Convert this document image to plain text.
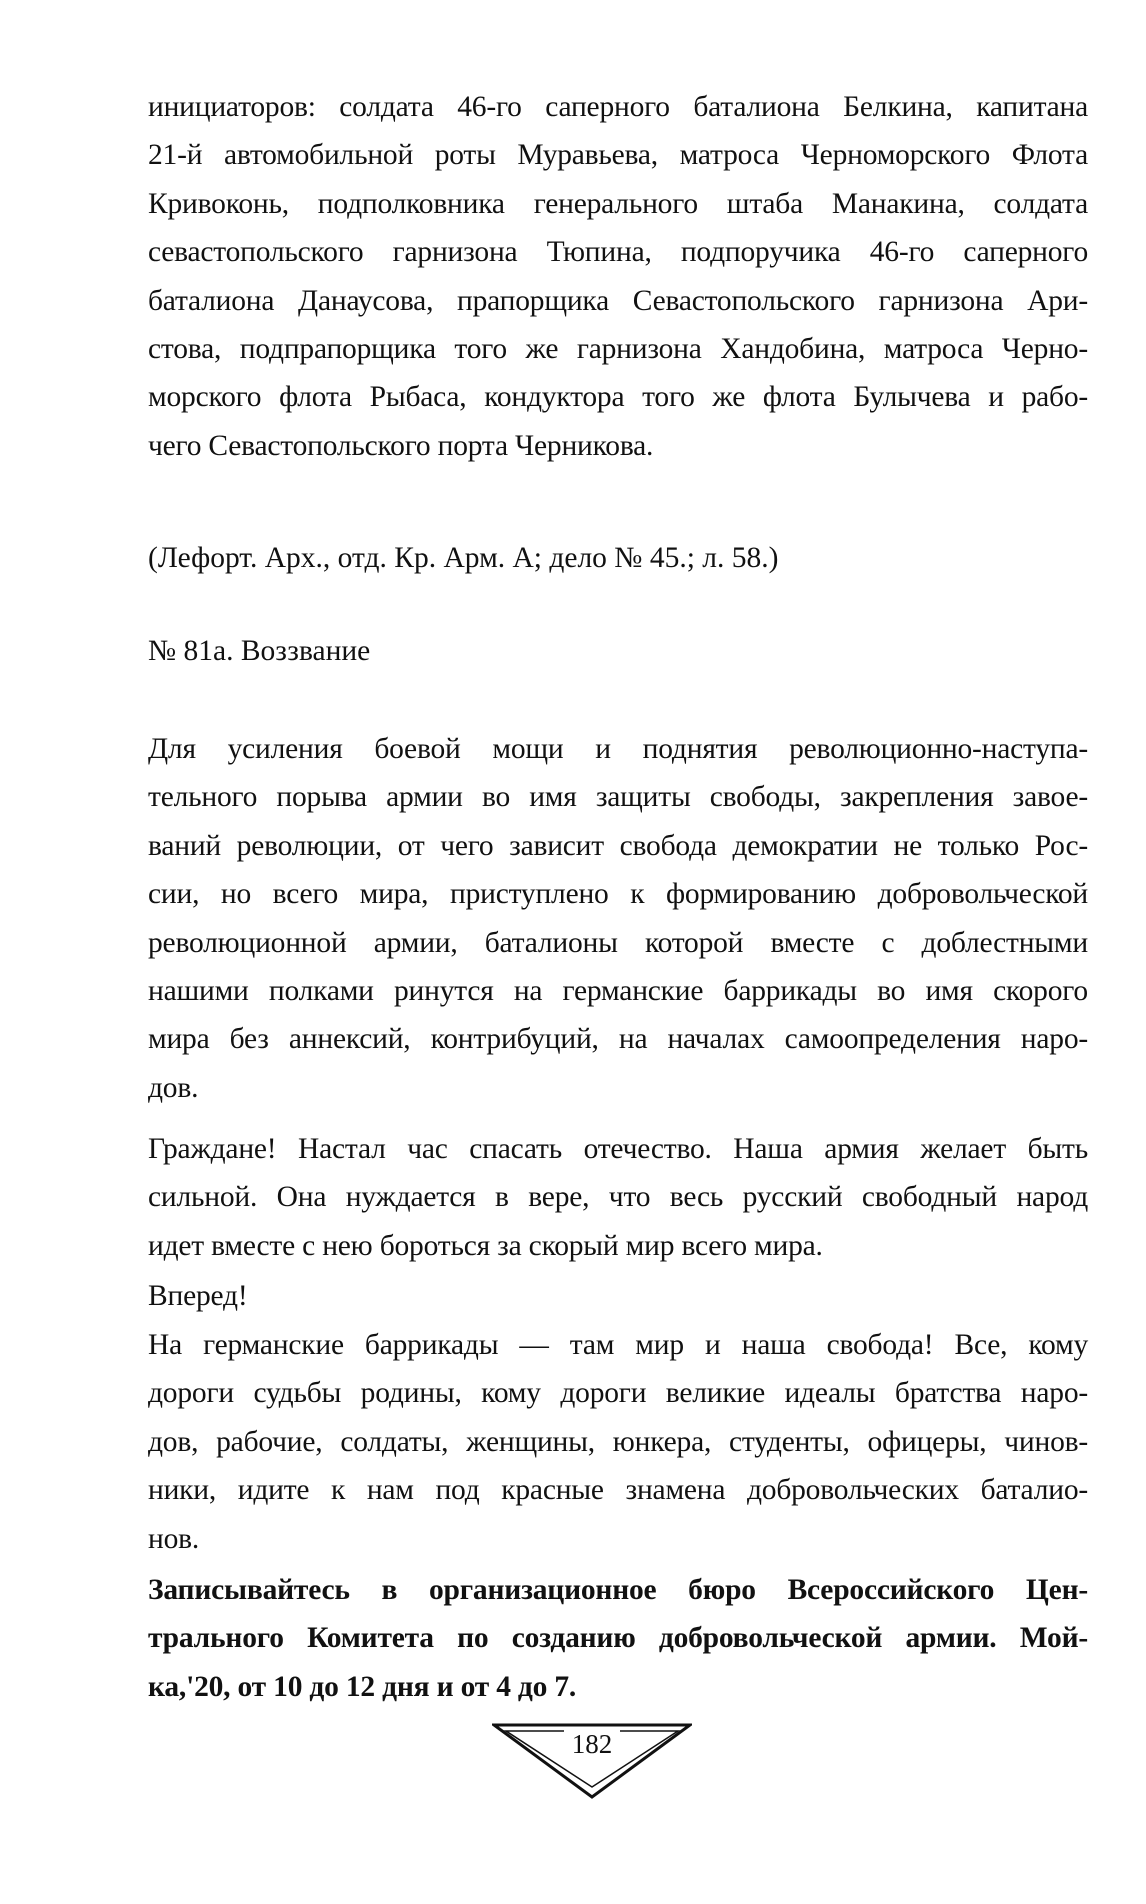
инициаторов: солдата 46-го саперного баталиона Белкина, капитана
21-й автомобильной роты Муравьева, матроса Черноморского Флота
Кривоконь, подполковника генерального штаба Манакина, солдата
севастопольского гарнизона Тюпина, подпоручика 46-го саперного
баталиона Данаусова, прапорщика Севастопольского гарнизона Ари-
стова, подпрапорщика того же гарнизона Хандобина, матроса Черно-
морского флота Рыбаса, кондуктора того же флота Булычева и рабо-
чего Севастопольского порта Черникова.
(Лефорт. Арх., отд. Кр. Арм. А; дело № 45.; л. 58.)
№ 81а. Воззвание
Для усиления боевой мощи и поднятия революционно-наступа-
тельного порыва армии во имя защиты свободы, закрепления завое-
ваний революции, от чего зависит свобода демократии не только Рос-
сии, но всего мира, приступлено к формированию добровольческой
революционной армии, баталионы которой вместе с доблестными
нашими полками ринутся на германские баррикады во имя скорого
мира без аннексий, контрибуций, на началах самоопределения наро-
дов.
Граждане! Настал час спасать отечество. Наша армия желает быть
сильной. Она нуждается в вере, что весь русский свободный народ
идет вместе с нею бороться за скорый мир всего мира.
Вперед!
На германские баррикады — там мир и наша свобода! Все, кому
дороги судьбы родины, кому дороги великие идеалы братства наро-
дов, рабочие, солдаты, женщины, юнкера, студенты, офицеры, чинов-
ники, идите к нам под красные знамена добровольческих баталио-
нов.
Записывайтесь в организационное бюро Всероссийского Цен-
трального Комитета по созданию добровольческой армии. Мой-
ка,'20, от 10 до 12 дня и от 4 до 7.
182
